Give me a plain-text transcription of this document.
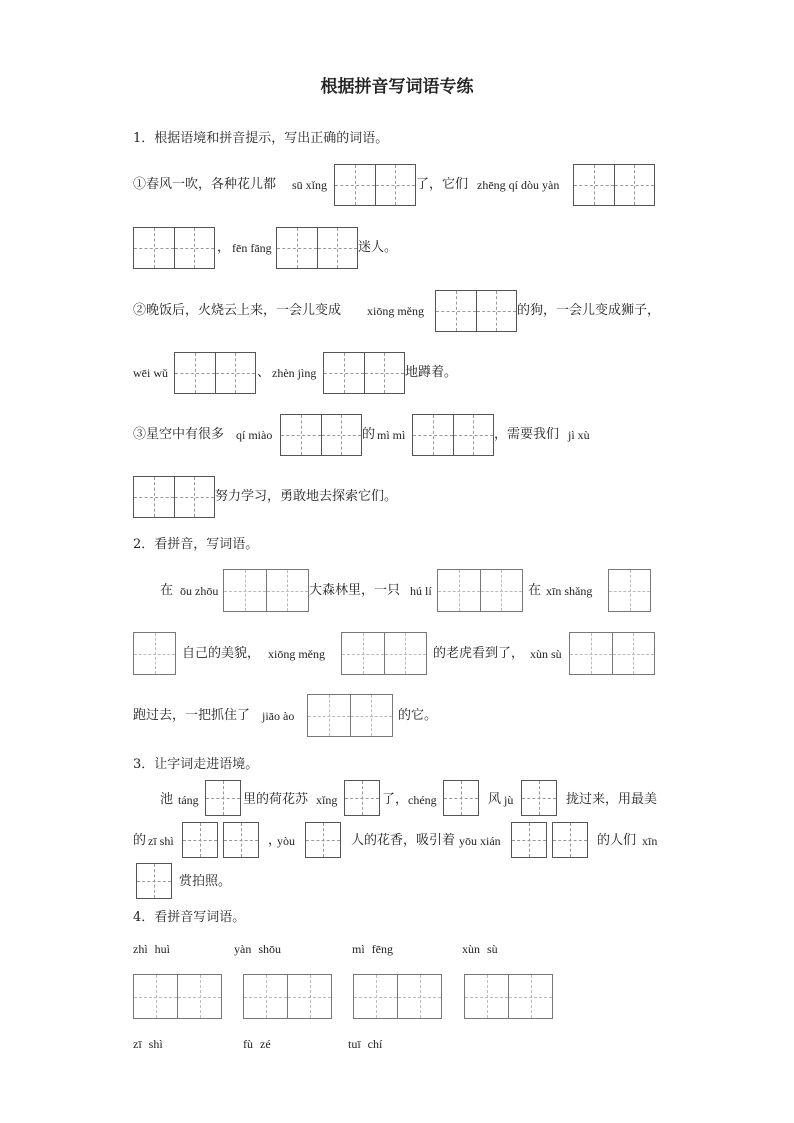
根据拼音写词语专练
1．根据语境和拼音提示，写出正确的词语。
①春风一吹，各种花儿都 sū xǐng	了，它们 zhēng qí dòu yàn
， fēn fāng	迷人。
②晚饭后，火烧云上来，一会儿变成 xiōng měng	的狗，一会儿变成狮子，
wēi wǔ	、 zhèn jìng	地蹲着。
③星空中有很多 qí miào	的 mì mì	，需要我们 jì xù
努力学习，勇敢地去探索它们。
2．看拼音，写词语。
在 ōu zhōu	大森林里，一只 hú lí	在 xīn shǎng
自己的美貌， xiōng měng	的老虎看到了， xùn sù
跑过去，一把抓住了 jiāo ào	的它。
3．让字词走进语境。
池 táng	里的荷花苏 xǐng	了， chéng	风 jù	拢过来，用最美
的 zī shì	，
yòu	人的花香，吸引着 yōu xián	的人们 xīn
赏拍照。
4．看拼音写词语。
zhì huì	yàn shōu	mì fēng	xùn sù
zī shì	fù zé	tuī chí
